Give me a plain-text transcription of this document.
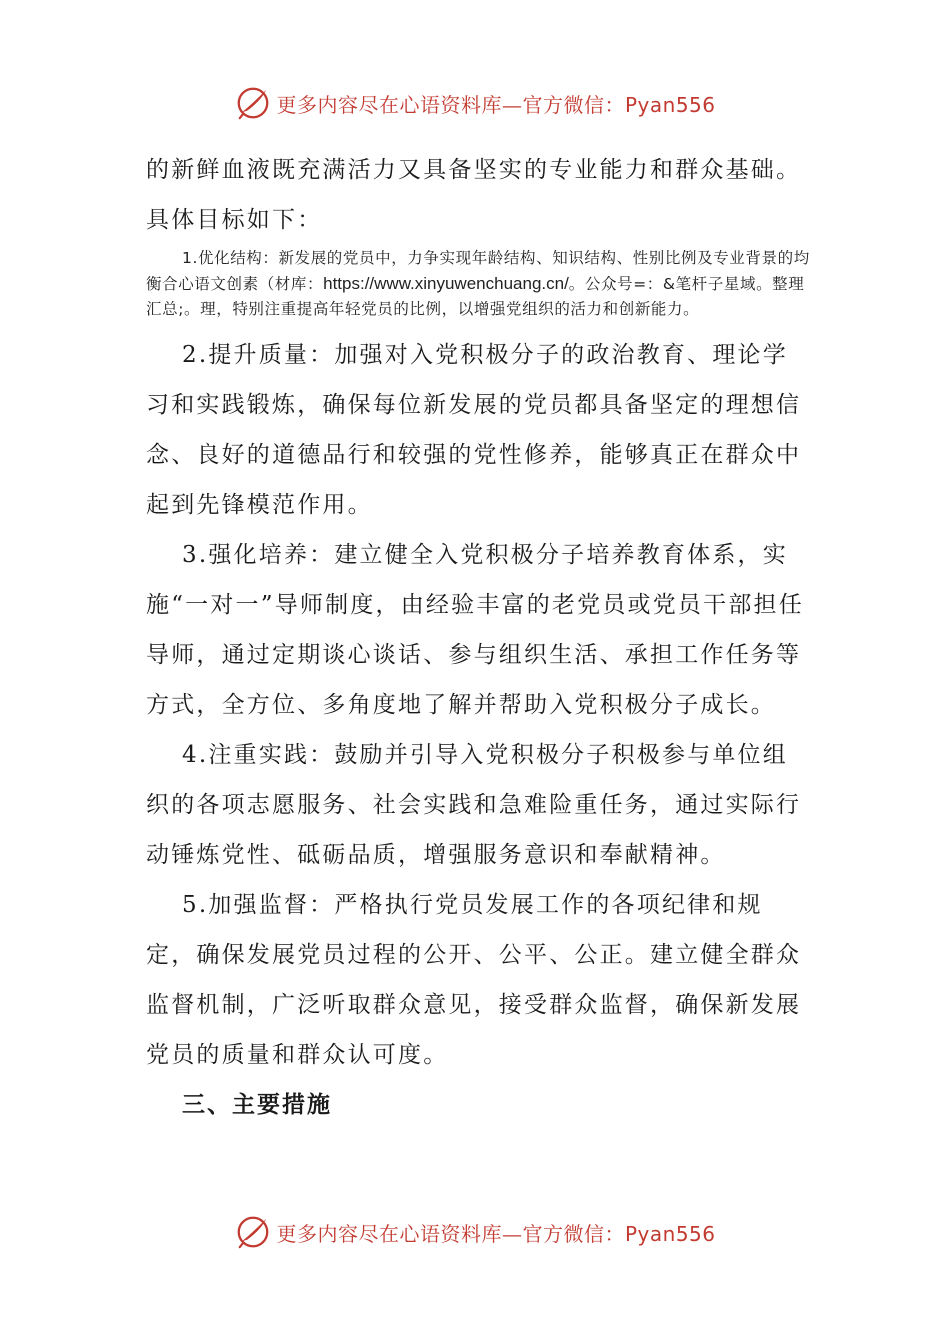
更多内容尽在心语资料库—官方微信：Pyan556

的新鲜血液既充满活力又具备坚实的专业能力和群众基础。

具体目标如下：

1.优化结构：新发展的党员中，力争实现年龄结构、知识结构、性别比例及专业背景的均衡合心语文创素（材库：https://www.xinyuwenchuang.cn/。公众号=：&笔杆子星域。整理汇总;。理，特别注重提高年轻党员的比例，以增强党组织的活力和创新能力。

2.提升质量：加强对入党积极分子的政治教育、理论学习和实践锻炼，确保每位新发展的党员都具备坚定的理想信念、良好的道德品行和较强的党性修养，能够真正在群众中起到先锋模范作用。

3.强化培养：建立健全入党积极分子培养教育体系，实施“一对一”导师制度，由经验丰富的老党员或党员干部担任导师，通过定期谈心谈话、参与组织生活、承担工作任务等方式，全方位、多角度地了解并帮助入党积极分子成长。

4.注重实践：鼓励并引导入党积极分子积极参与单位组织的各项志愿服务、社会实践和急难险重任务，通过实际行动锤炼党性、砥砺品质，增强服务意识和奉献精神。

5.加强监督：严格执行党员发展工作的各项纪律和规定，确保发展党员过程的公开、公平、公正。建立健全群众监督机制，广泛听取群众意见，接受群众监督，确保新发展党员的质量和群众认可度。

三、主要措施

更多内容尽在心语资料库—官方微信：Pyan556
